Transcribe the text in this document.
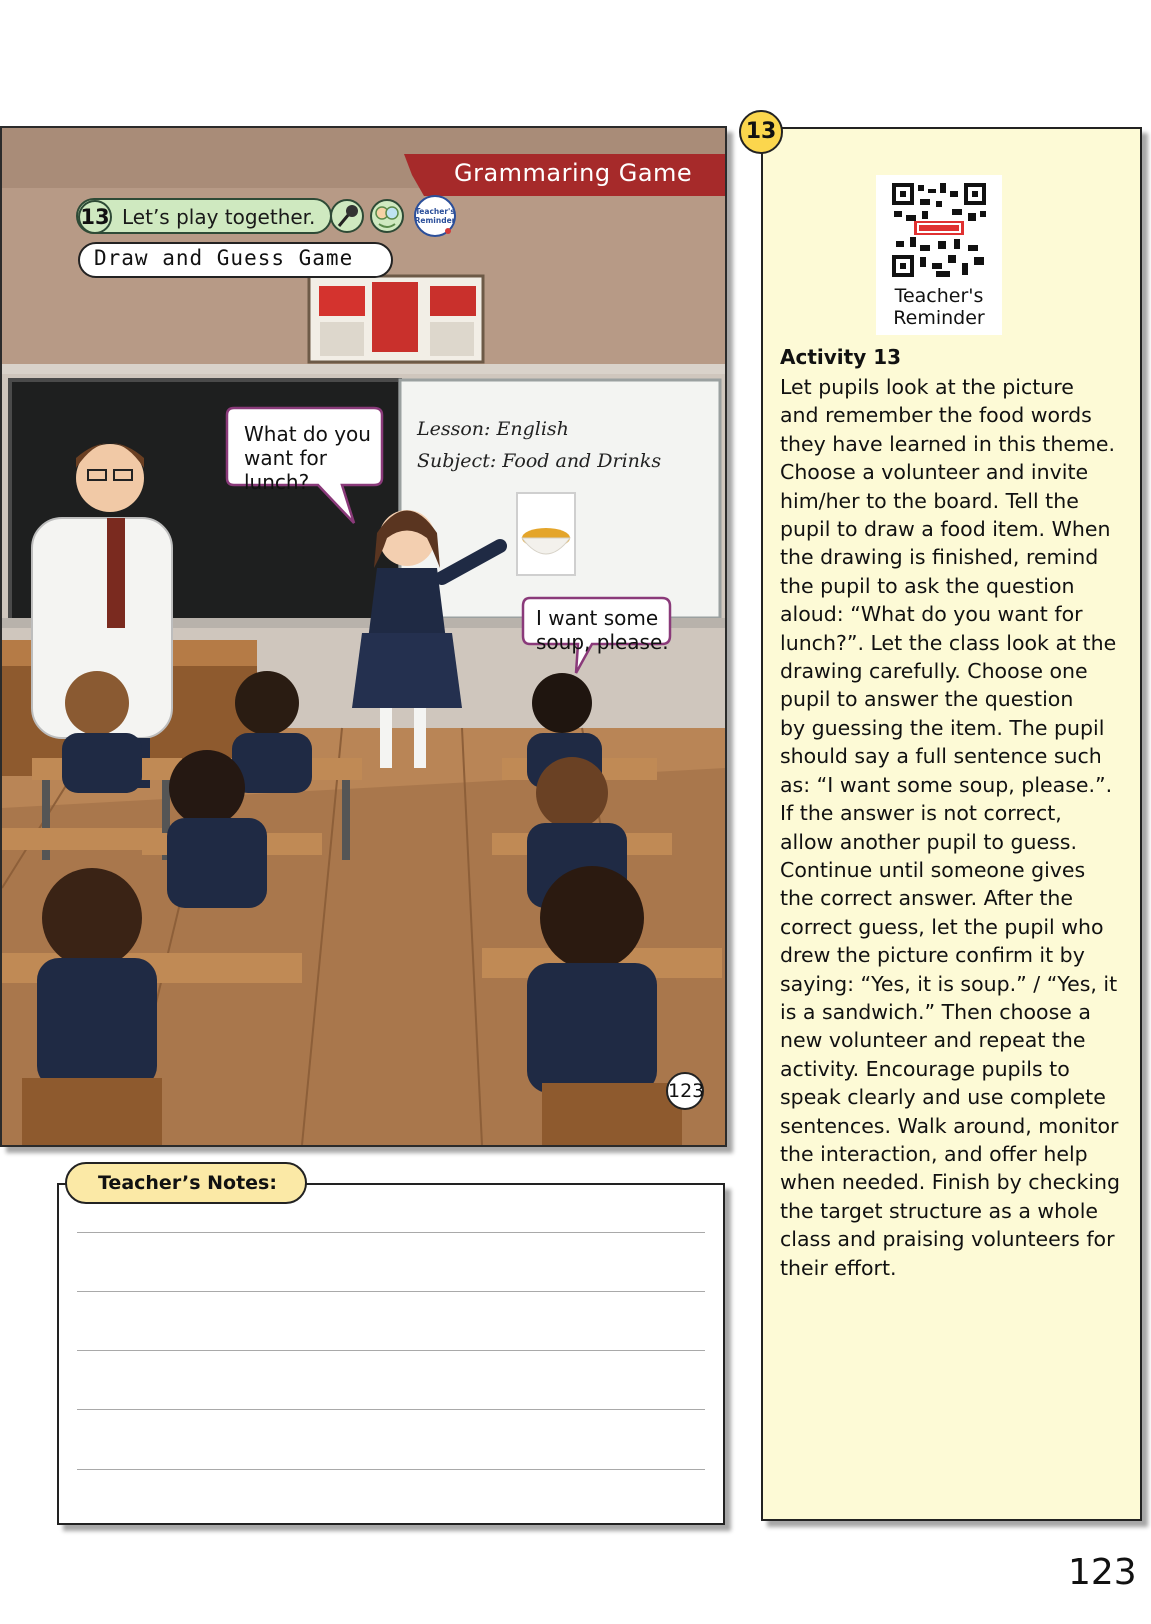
Grammaring Game
13 Let’s play together.	Teacher's
Reminder
Draw and Guess Game
Lesson: English
Subject: Food and Drinks
What do you want for lunch?
I want some soup, please.
123
Teacher’s Notes:
13
Teacher's
Reminder
Activity 13
Let pupils look at the picture
and remember the food words
they have learned in this theme.
Choose a volunteer and invite
him/her to the board. Tell the
pupil to draw a food item. When
the drawing is finished, remind
the pupil to ask the question
aloud: “What do you want for
lunch?”. Let the class look at the
drawing carefully. Choose one
pupil to answer the question
by guessing the item. The pupil
should say a full sentence such
as: “I want some soup, please.”.
If the answer is not correct,
allow another pupil to guess.
Continue until someone gives
the correct answer. After the
correct guess, let the pupil who
drew the picture confirm it by
saying: “Yes, it is soup.” / “Yes, it
is a sandwich.” Then choose a
new volunteer and repeat the
activity. Encourage pupils to
speak clearly and use complete
sentences. Walk around, monitor
the interaction, and offer help
when needed. Finish by checking
the target structure as a whole
class and praising volunteers for
their effort.
123
